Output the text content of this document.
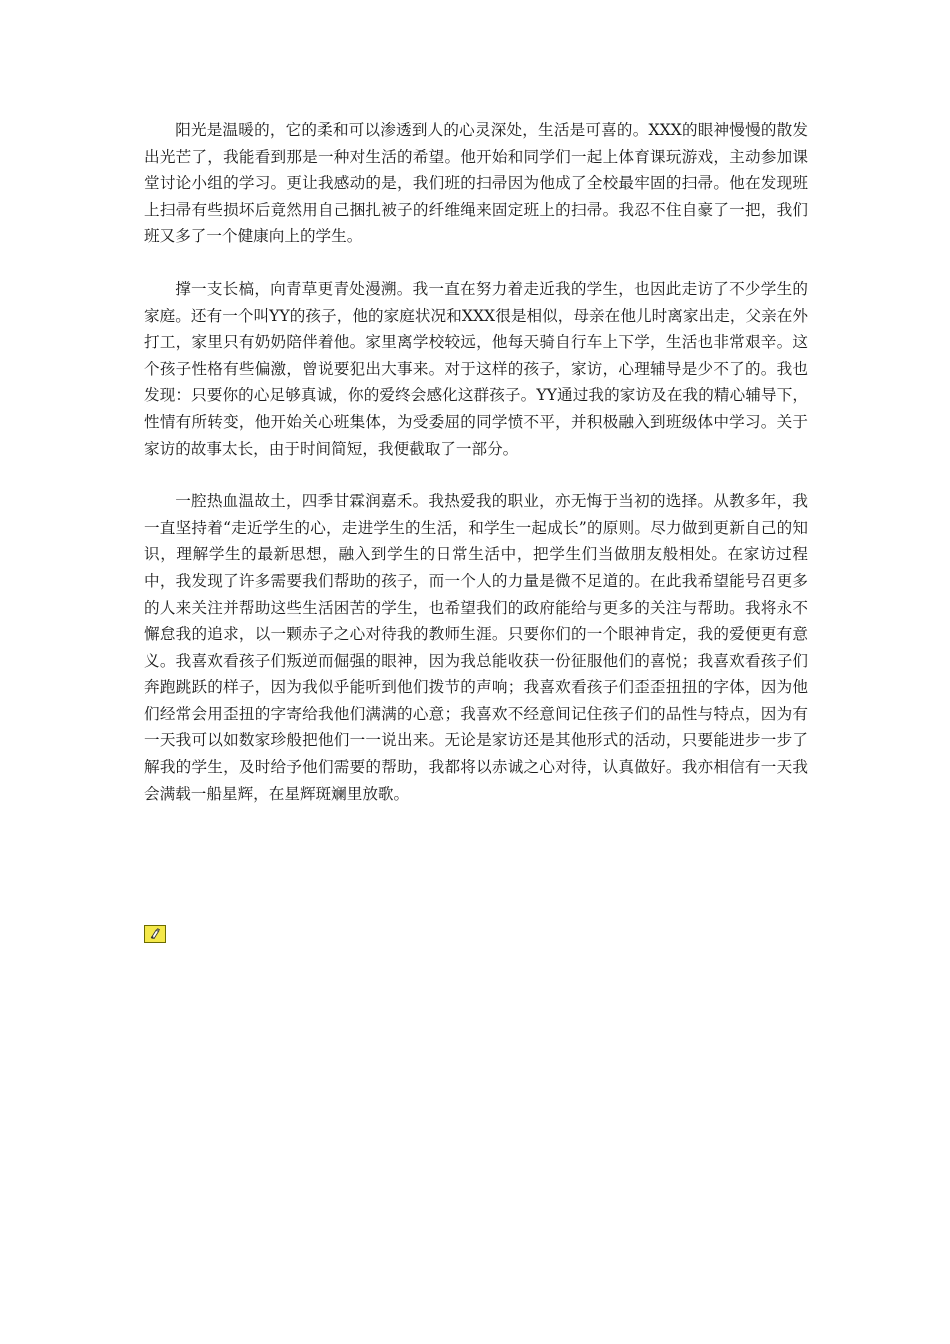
阳光是温暖的，它的柔和可以渗透到人的心灵深处，生活是可喜的。XXX的眼神慢慢的散发出光芒了，我能看到那是一种对生活的希望。他开始和同学们一起上体育课玩游戏，主动参加课堂讨论小组的学习。更让我感动的是，我们班的扫帚因为他成了全校最牢固的扫帚。他在发现班上扫帚有些损坏后竟然用自己捆扎被子的纤维绳来固定班上的扫帚。我忍不住自豪了一把，我们班又多了一个健康向上的学生。

撑一支长槁，向青草更青处漫溯。我一直在努力着走近我的学生，也因此走访了不少学生的家庭。还有一个叫YY的孩子，他的家庭状况和XXX很是相似，母亲在他儿时离家出走，父亲在外打工，家里只有奶奶陪伴着他。家里离学校较远，他每天骑自行车上下学，生活也非常艰辛。这个孩子性格有些偏激，曾说要犯出大事来。对于这样的孩子，家访，心理辅导是少不了的。我也发现：只要你的心足够真诚，你的爱终会感化这群孩子。YY通过我的家访及在我的精心辅导下，性情有所转变，他开始关心班集体，为受委屈的同学愤不平，并积极融入到班级体中学习。关于家访的故事太长，由于时间简短，我便截取了一部分。

一腔热血温故土，四季甘霖润嘉禾。我热爱我的职业，亦无悔于当初的选择。从教多年，我一直坚持着“走近学生的心，走进学生的生活，和学生一起成长”的原则。尽力做到更新自己的知识，理解学生的最新思想，融入到学生的日常生活中，把学生们当做朋友般相处。在家访过程中，我发现了许多需要我们帮助的孩子，而一个人的力量是微不足道的。在此我希望能号召更多的人来关注并帮助这些生活困苦的学生，也希望我们的政府能给与更多的关注与帮助。我将永不懈怠我的追求，以一颗赤子之心对待我的教师生涯。只要你们的一个眼神肯定，我的爱便更有意义。我喜欢看孩子们叛逆而倔强的眼神，因为我总能收获一份征服他们的喜悦；我喜欢看孩子们奔跑跳跃的样子，因为我似乎能听到他们拨节的声响；我喜欢看孩子们歪歪扭扭的字体，因为他们经常会用歪扭的字寄给我他们满满的心意；我喜欢不经意间记住孩子们的品性与特点，因为有一天我可以如数家珍般把他们一一说出来。无论是家访还是其他形式的活动，只要能进步一步了解我的学生，及时给予他们需要的帮助，我都将以赤诚之心对待，认真做好。我亦相信有一天我会满载一船星辉，在星辉斑斓里放歌。
